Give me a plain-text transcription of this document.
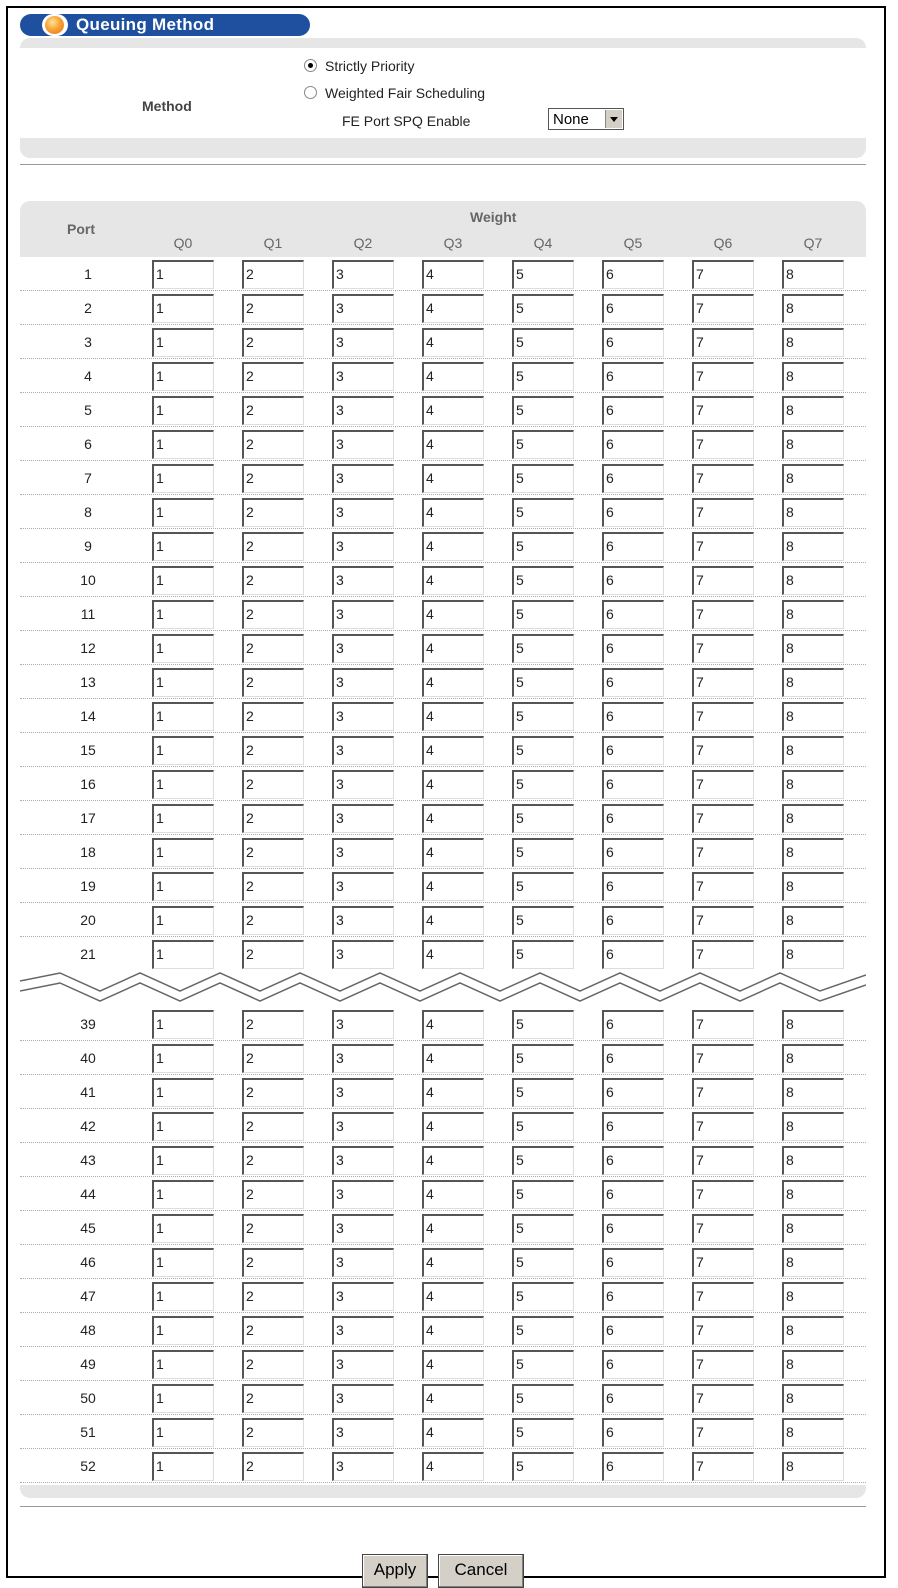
Queuing Method
Method
Strictly Priority
Weighted Fair Scheduling
FE Port SPQ Enable	None
Port
Weight
Q0	Q1	Q2	Q3	Q4	Q5	Q6	Q7
1	1	2	3	4	5	6	7	8
2	1	2	3	4	5	6	7	8
3	1	2	3	4	5	6	7	8
4	1	2	3	4	5	6	7	8
5	1	2	3	4	5	6	7	8
6	1	2	3	4	5	6	7	8
7	1	2	3	4	5	6	7	8
8	1	2	3	4	5	6	7	8
9	1	2	3	4	5	6	7	8
10	1	2	3	4	5	6	7	8
11	1	2	3	4	5	6	7	8
12	1	2	3	4	5	6	7	8
13	1	2	3	4	5	6	7	8
14	1	2	3	4	5	6	7	8
15	1	2	3	4	5	6	7	8
16	1	2	3	4	5	6	7	8
17	1	2	3	4	5	6	7	8
18	1	2	3	4	5	6	7	8
19	1	2	3	4	5	6	7	8
20	1	2	3	4	5	6	7	8
21	1	2	3	4	5	6	7	8
39	1	2	3	4	5	6	7	8
40	1	2	3	4	5	6	7	8
41	1	2	3	4	5	6	7	8
42	1	2	3	4	5	6	7	8
43	1	2	3	4	5	6	7	8
44	1	2	3	4	5	6	7	8
45	1	2	3	4	5	6	7	8
46	1	2	3	4	5	6	7	8
47	1	2	3	4	5	6	7	8
48	1	2	3	4	5	6	7	8
49	1	2	3	4	5	6	7	8
50	1	2	3	4	5	6	7	8
51	1	2	3	4	5	6	7	8
52	1	2	3	4	5	6	7	8
Apply	Cancel
